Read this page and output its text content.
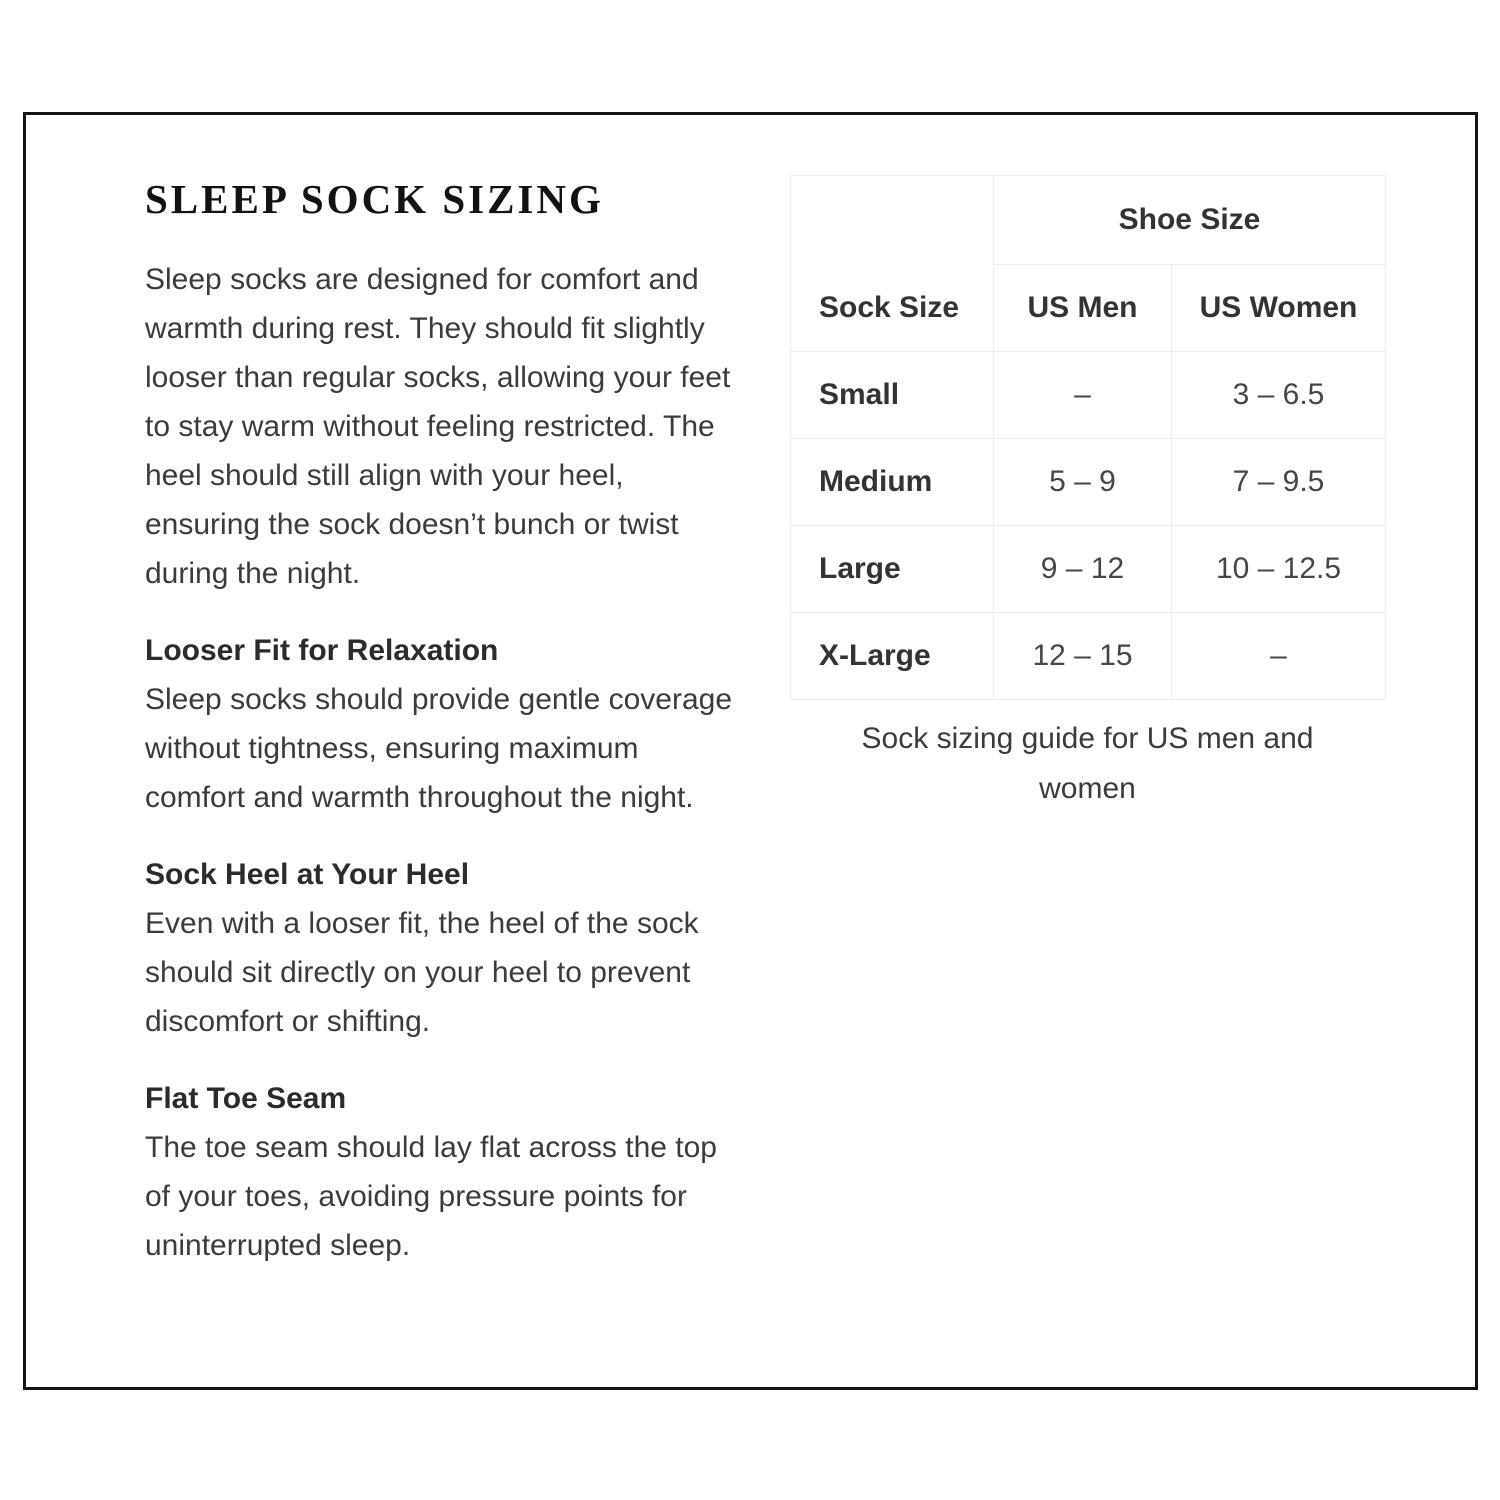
SLEEP SOCK SIZING

Sleep socks are designed for comfort and warmth during rest. They should fit slightly looser than regular socks, allowing your feet to stay warm without feeling restricted. The heel should still align with your heel, ensuring the sock doesn’t bunch or twist during the night.

Looser Fit for Relaxation

Sleep socks should provide gentle coverage without tightness, ensuring maximum comfort and warmth throughout the night.

Sock Heel at Your Heel

Even with a looser fit, the heel of the sock should sit directly on your heel to prevent discomfort or shifting.

Flat Toe Seam

The toe seam should lay flat across the top of your toes, avoiding pressure points for uninterrupted sleep.

	Shoe Size	
Sock Size	US Men	US Women
Small	–	3 – 6.5
Medium	5 – 9	7 – 9.5
Large	9 – 12	10 – 12.5
X-Large	12 – 15	–
Sock sizing guide for US men and women
